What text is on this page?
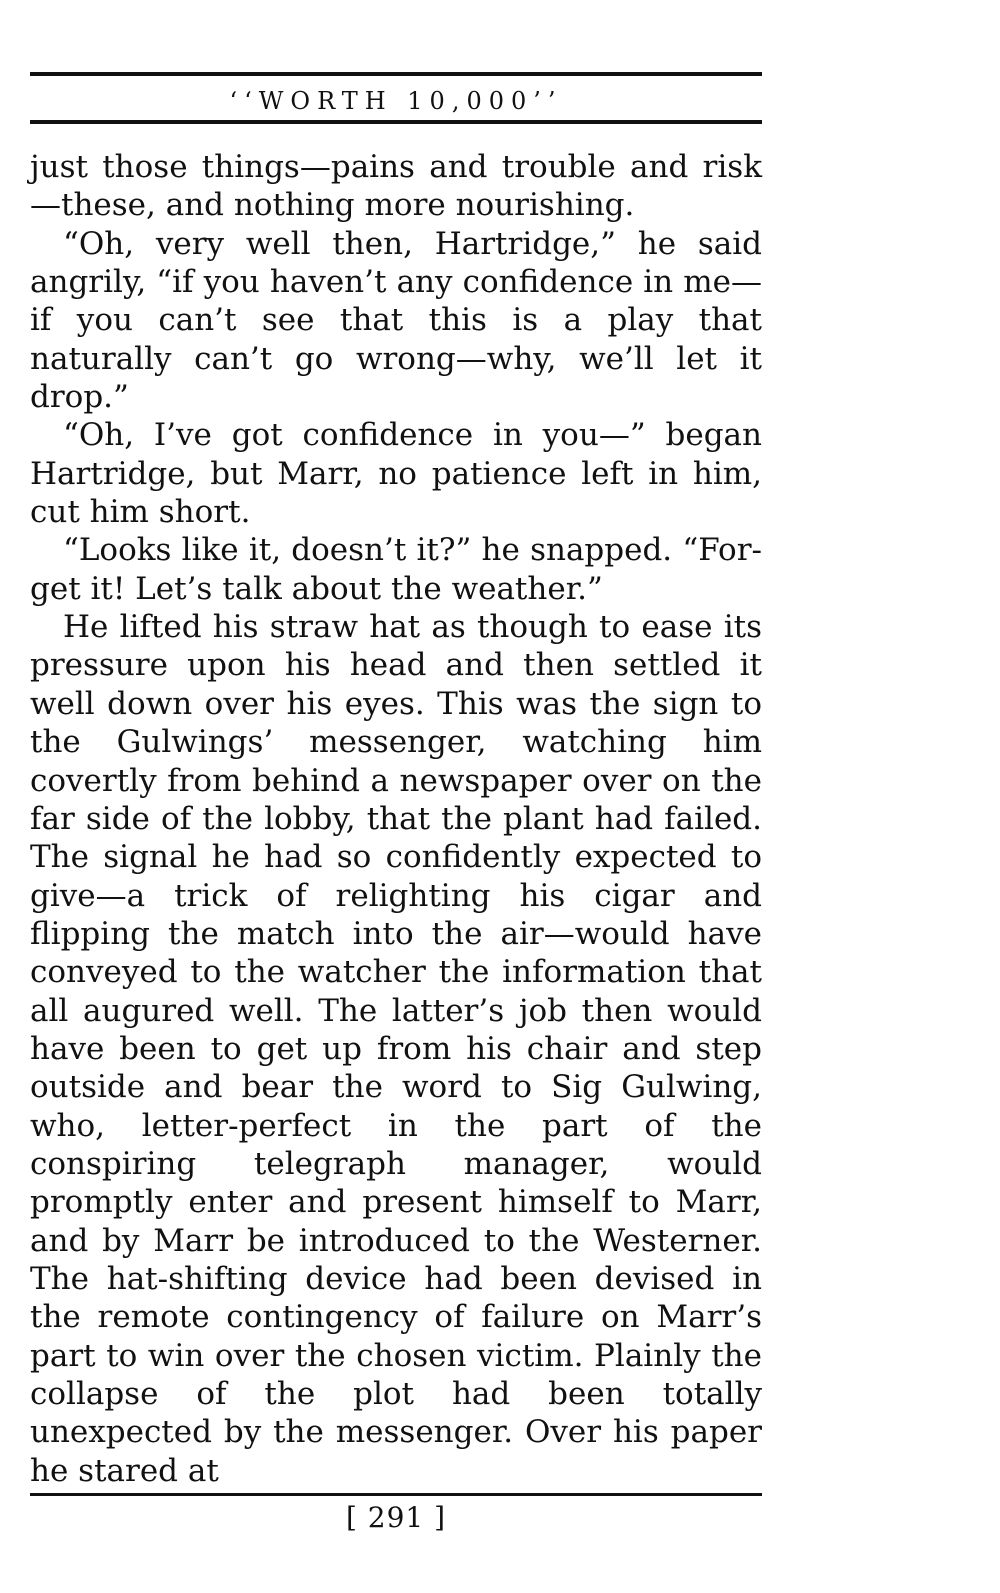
‘‘WORTH 10,000’’

just those things—pains and trouble and risk—these, and nothing more nourishing.

“Oh, very well then, Hartridge,” he said angrily, “if you haven’t any confidence in me—if you can’t see that this is a play that naturally can’t go wrong—why, we’ll let it drop.”

“Oh, I’ve got confidence in you—” began Hartridge, but Marr, no patience left in him, cut him short.

“Looks like it, doesn’t it?” he snapped. “Forget it! Let’s talk about the weather.”

He lifted his straw hat as though to ease its pressure upon his head and then settled it well down over his eyes. This was the sign to the Gulwings’ messenger, watching him covertly from behind a newspaper over on the far side of the lobby, that the plant had failed. The signal he had so confidently expected to give—a trick of relighting his cigar and flipping the match into the air—would have conveyed to the watcher the information that all augured well. The latter’s job then would have been to get up from his chair and step outside and bear the word to Sig Gulwing, who, letter-perfect in the part of the conspiring telegraph manager, would promptly enter and present himself to Marr, and by Marr be introduced to the Westerner. The hat-shifting device had been devised in the remote contingency of failure on Marr’s part to win over the chosen victim. Plainly the collapse of the plot had been totally unexpected by the messenger. Over his paper he stared at

[ 291 ]
